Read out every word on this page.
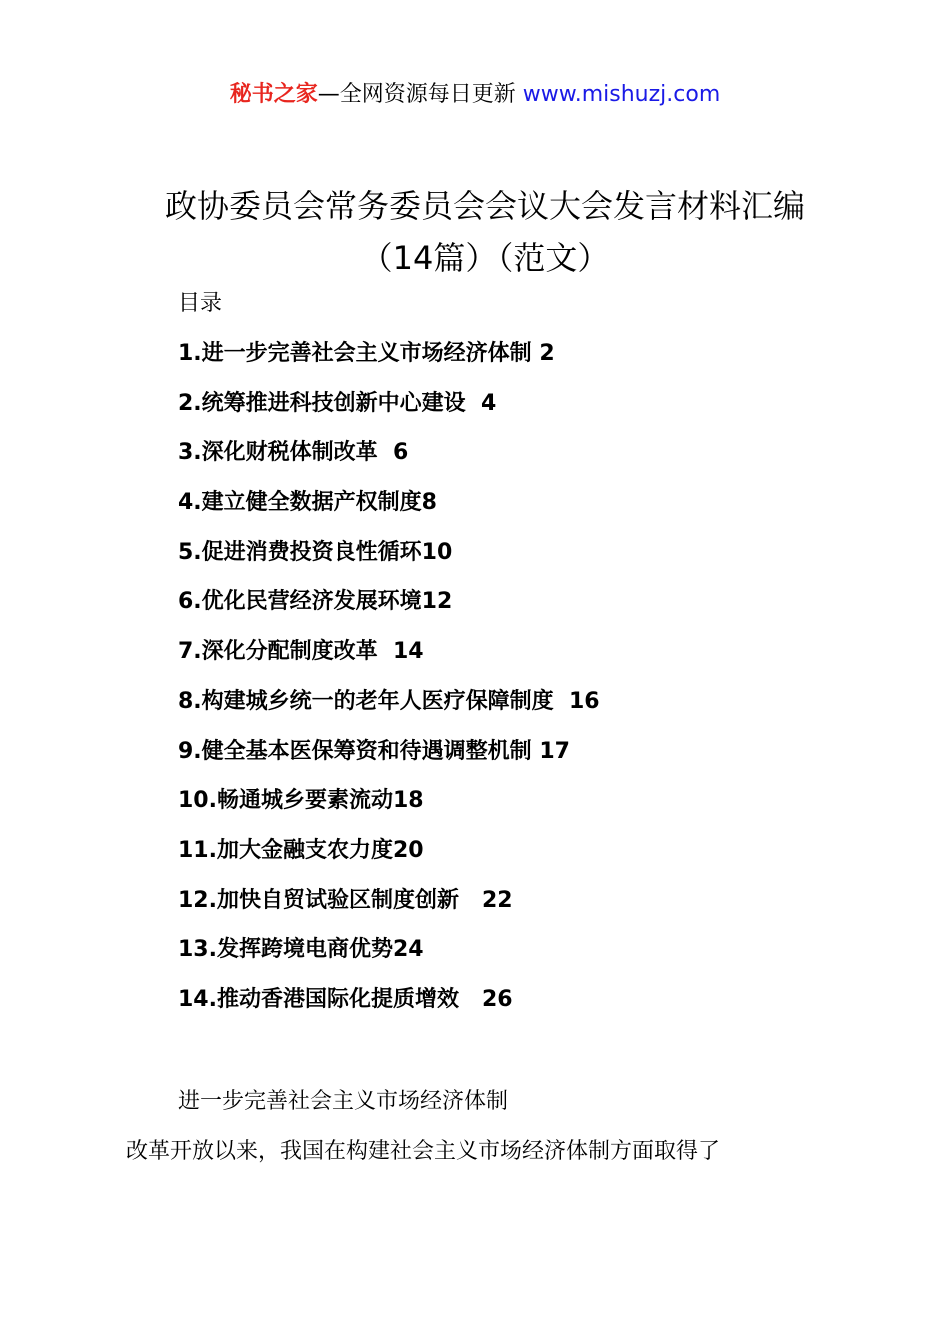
秘书之家—全网资源每日更新 www.mishuzj.com
政协委员会常务委员会会议大会发言材料汇编（14篇）（范文）
目录
1.进一步完善社会主义市场经济体制 2
2.统筹推进科技创新中心建设  4
3.深化财税体制改革  6
4.建立健全数据产权制度8
5.促进消费投资良性循环10
6.优化民营经济发展环境12
7.深化分配制度改革  14
8.构建城乡统一的老年人医疗保障制度  16
9.健全基本医保筹资和待遇调整机制 17
10.畅通城乡要素流动18
11.加大金融支农力度20
12.加快自贸试验区制度创新   22
13.发挥跨境电商优势24
14.推动香港国际化提质增效   26
进一步完善社会主义市场经济体制
改革开放以来，我国在构建社会主义市场经济体制方面取得了
